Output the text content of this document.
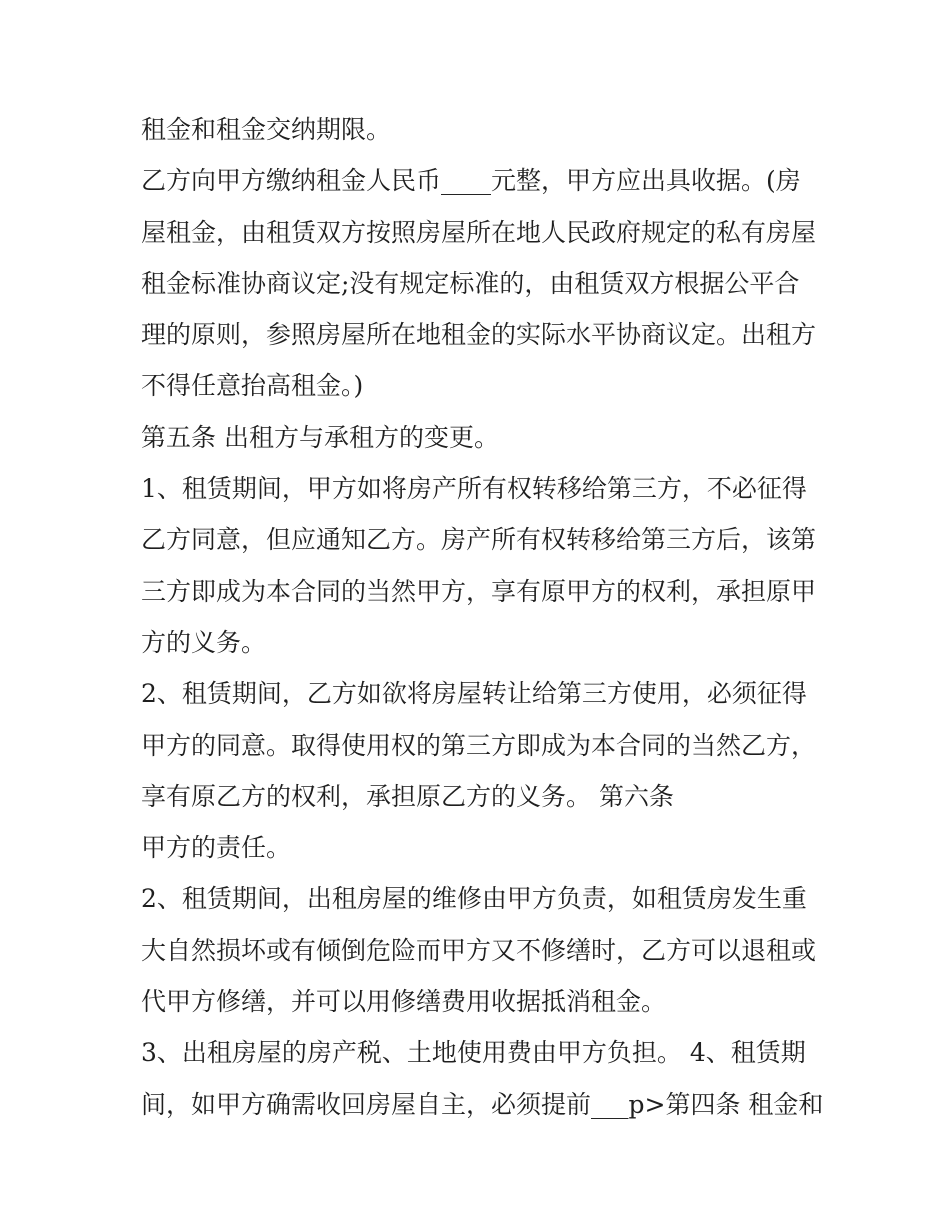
租金和租金交纳期限。
乙方向甲方缴纳租金人民币____元整，甲方应出具收据。(房
屋租金，由租赁双方按照房屋所在地人民政府规定的私有房屋
租金标准协商议定;没有规定标准的，由租赁双方根据公平合
理的原则，参照房屋所在地租金的实际水平协商议定。出租方
不得任意抬高租金。)
第五条 出租方与承租方的变更。
1、租赁期间，甲方如将房产所有权转移给第三方，不必征得
乙方同意，但应通知乙方。房产所有权转移给第三方后，该第
三方即成为本合同的当然甲方，享有原甲方的权利，承担原甲
方的义务。
2、租赁期间，乙方如欲将房屋转让给第三方使用，必须征得
甲方的同意。取得使用权的第三方即成为本合同的当然乙方，
享有原乙方的权利，承担原乙方的义务。 第六条
甲方的责任。
2、租赁期间，出租房屋的维修由甲方负责，如租赁房发生重
大自然损坏或有倾倒危险而甲方又不修缮时，乙方可以退租或
代甲方修缮，并可以用修缮费用收据抵消租金。
3、出租房屋的房产税、土地使用费由甲方负担。 4、租赁期
间，如甲方确需收回房屋自主，必须提前___p>第四条 租金和
